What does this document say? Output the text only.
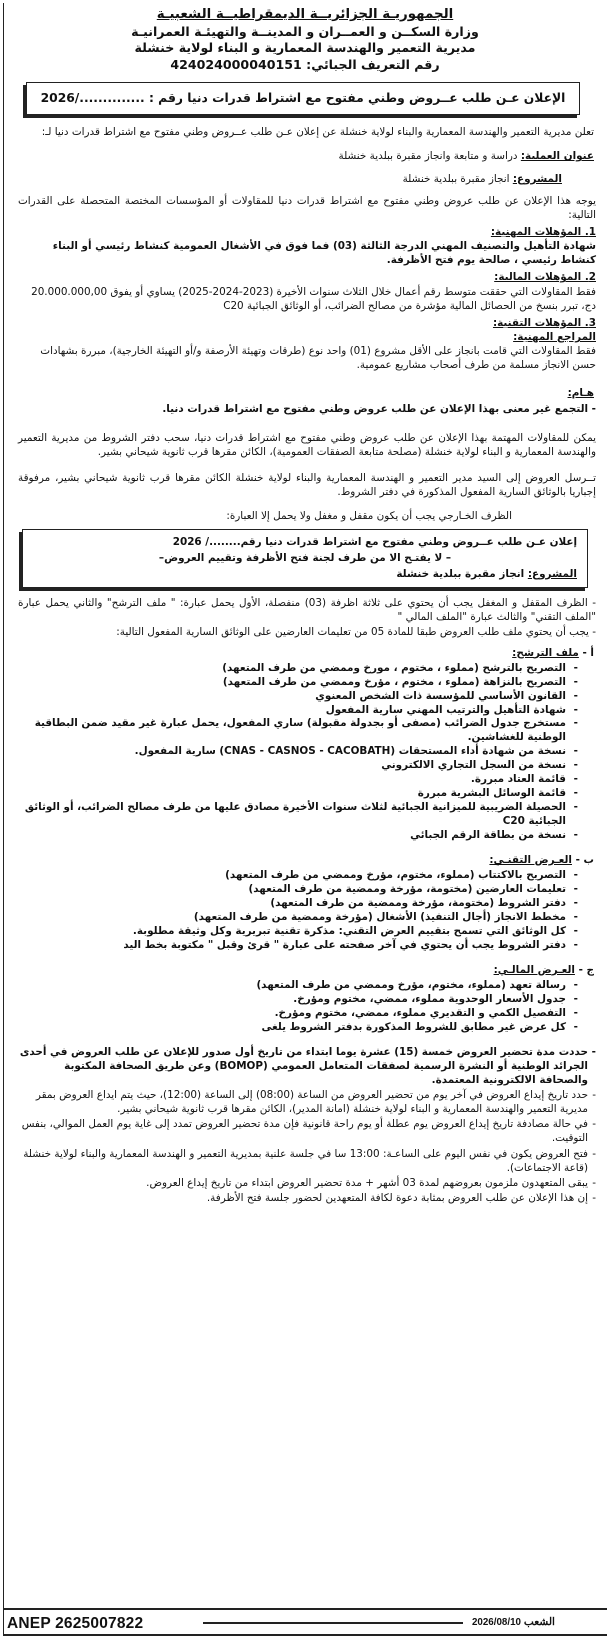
الجمهوريـة الجزائريــة الديمقراطيــة الشعبيـة
وزارة السكــن و العمــران و المدينــة والتهيئـة العمرانيـة
مديرية التعمير والهندسة المعمارية و البناء لولاية خنشلة
رقم التعريف الجبائي: 424024000040151
الإعلان عـن طلب عــروض وطني مفتوح مع اشتراط قدرات دنيا رقم : 2026/..............

تعلن مديرية التعمير والهندسة المعمارية والبناء لولاية خنشلة عن إعلان عـن طلب عــروض وطني مفتوح مع اشتراط قدرات دنيا لـ:

عنوان العملية: دراسة و متابعة وانجاز مقبرة ببلدية خنشلة

المشروع: انجاز مقبرة ببلدية خنشلة

يوجه هذا الإعلان عن طلب عروض وطني مفتوح مع اشتراط قدرات دنيا للمقاولات أو المؤسسات المختصة المتحصلة على القدرات التالية:

1. المؤهلات المهنية:
شهادة التأهيل والتصنيف المهني الدرجة الثالثة (03) فما فوق في الأشغال العمومية كنشاط رئيسي أو البناء كنشاط رئيسي ، صالحة يوم فتح الأظرفة.
2. المؤهلات المالية:
فقط المقاولات التي حققت متوسط رقم أعمال خلال الثلاث سنوات الأخيرة (2023-2024-2025) يساوي أو يفوق 20.000.000,00 دج، تبرر بنسخ من الحصائل المالية مؤشرة من مصالح الضرائب، أو الوثائق الجبائية C20
3. المؤهلات التقنية:
المراجع المهنية:
فقط المقاولات التي قامت بانجاز على الأقل مشروع (01) واحد نوع (طرقات وتهيئة الأرصفة و/أو التهيئة الخارجية)، مبررة بشهادات حسن الانجاز مسلمة من طرف أصحاب مشاريع عمومية.
هـام:
- التجمع غير معنى بهذا الإعلان عن طلب عروض وطني مفتوح مع اشتراط قدرات دنيا.

يمكن للمقاولات المهتمة بهذا الإعلان عن طلب عروض وطني مفتوح مع اشتراط قدرات دنيا، سحب دفتر الشروط من مديرية التعمير والهندسة المعمارية و البناء لولاية خنشلة (مصلحة متابعة الصفقات العمومية)، الكائن مقرها قرب ثانوية شيحاني بشير.

تــرسل العروض إلى السيد مدير التعمير و الهندسة المعمارية والبناء لولاية خنشلة الكائن مقرها قرب ثانوية شيحاني بشير، مرفوقة إجباريا بالوثائق السارية المفعول المذكورة في دفتر الشروط.

الظرف الخـارجي يجب أن يكون مقفل و مغفل ولا يحمل إلا العبارة:

إعلان عـن طلب عــروض وطني مفتوح مع اشتراط قدرات دنيا رقم......../ 2026
– لا يفتـح الا من طرف لجنة فتح الأظرفة وتقييم العروض–
المشروع: انجاز مقبرة ببلدية خنشلة
- الظرف المقفل و المغفل يجب أن يحتوي على ثلاثة اظرفة (03) منفصلة، الأول يحمل عبارة: " ملف الترشح" والثاني يحمل عبارة "الملف التقني" والثالث عبارة "الملف المالي "
- يجب أن يحتوي ملف طلب العروض طبقا للمادة 05 من تعليمات العارضين على الوثائق السارية المفعول التالية:
أ - ملف الترشح:
- التصريح بالترشح (مملوء ، مختوم ، مورخ وممضي من طرف المتعهد)
- التصريح بالنزاهة (مملوء ، مختوم ، مؤرخ وممضي من طرف المتعهد)
- القانون الأساسي للمؤسسة ذات الشخص المعنوي
- شهادة التأهيل والترتيب المهني سارية المفعول
- مستخرج جدول الضرائب (مصفى أو بجدولة مقبولة) ساري المفعول، يحمل عبارة غير مقيد ضمن البطاقية الوطنية للغشاشين.
- نسخة من شهادة أداء المستحقات (CNAS - CASNOS - CACOBATH) سارية المفعول.
- نسخة من السجل التجاري الالكتروني
- قائمة العتاد مبررة.
- قائمة الوسائل البشرية مبررة
- الحصيلة الضريبية للميزانية الجبائية لثلاث سنوات الأخيرة مصادق عليها من طرف مصالح الضرائب، أو الوثائق الجبائية C20
- نسخة من بطاقة الرقم الجبائي
ب - العـرض التقنـي:
- التصريح بالاكتتاب (مملوء، مختوم، مؤرخ وممضي من طرف المتعهد)
- تعليمات العارضين (مختومة، مؤرخة وممضية من طرف المتعهد)
- دفتر الشروط (مختومة، مؤرخة وممضية من طرف المتعهد)
- مخطط الانجاز (أجال التنفيذ) الأشغال (مؤرخة وممضية من طرف المتعهد)
- كل الوثائق التي تسمح بتقييم العرض التقني: مذكرة تقنية تبريرية وكل وثيقة مطلوبة.
- دفتر الشروط يجب أن يحتوي في آخر صفحته على عبارة " قرئ وقبل " مكتوبة بخط اليد
ج - العـرض المالـي:
- رسالة تعهد (مملوء، مختوم، مؤرخ وممضي من طرف المتعهد)
- جدول الأسعار الوحدوية مملوء، ممضي، مختوم ومؤرخ.
- التفصيل الكمي و التقديري مملوء، ممضي، مختوم ومؤرخ.
- كل عرض غير مطابق للشروط المذكورة بدفتر الشروط يلغى
- حددت مدة تحضير العروض خمسة (15) عشرة يوما ابتداء من تاريخ أول صدور للإعلان عن طلب العروض في أحدى الجرائد الوطنية أو النشرة الرسمية لصفقات المتعامل العمومي (BOMOP) وعن طريق الصحافة المكتوبة والصحافة الالكترونية المعتمدة.
- حدد تاريخ إيداع العروض في آخر يوم من تحضير العروض من الساعة (08:00) إلى الساعة (12:00)، حيث يتم ايداع العروض بمقر مديرية التعمير والهندسة المعمارية و البناء لولاية خنشلة (امانة المدير)، الكائن مقرها قرب ثانوية شيحاني بشير.
- في حالة مصادفة تاريخ إيداع العروض يوم عطلة أو يوم راحة قانونية فإن مدة تحضير العروض تمدد إلى غاية يوم العمل الموالي، بنفس التوقيت.
- فتح العروض يكون في نفس اليوم على الساعـة: 13:00 سا في جلسة علنية بمديرية التعمير و الهندسة المعمارية والبناء لولاية خنشلة (قاعة الاجتماعات).
- يبقى المتعهدون ملزمون بعروضهم لمدة 03 أشهر + مدة تحضير العروض ابتداء من تاريخ إيداع العروض.
- إن هذا الإعلان عن طلب العروض بمثابة دعوة لكافة المتعهدين لحضور جلسة فتح الأظرفة.
ANEP 2625007822	2026/08/10 الشعب
